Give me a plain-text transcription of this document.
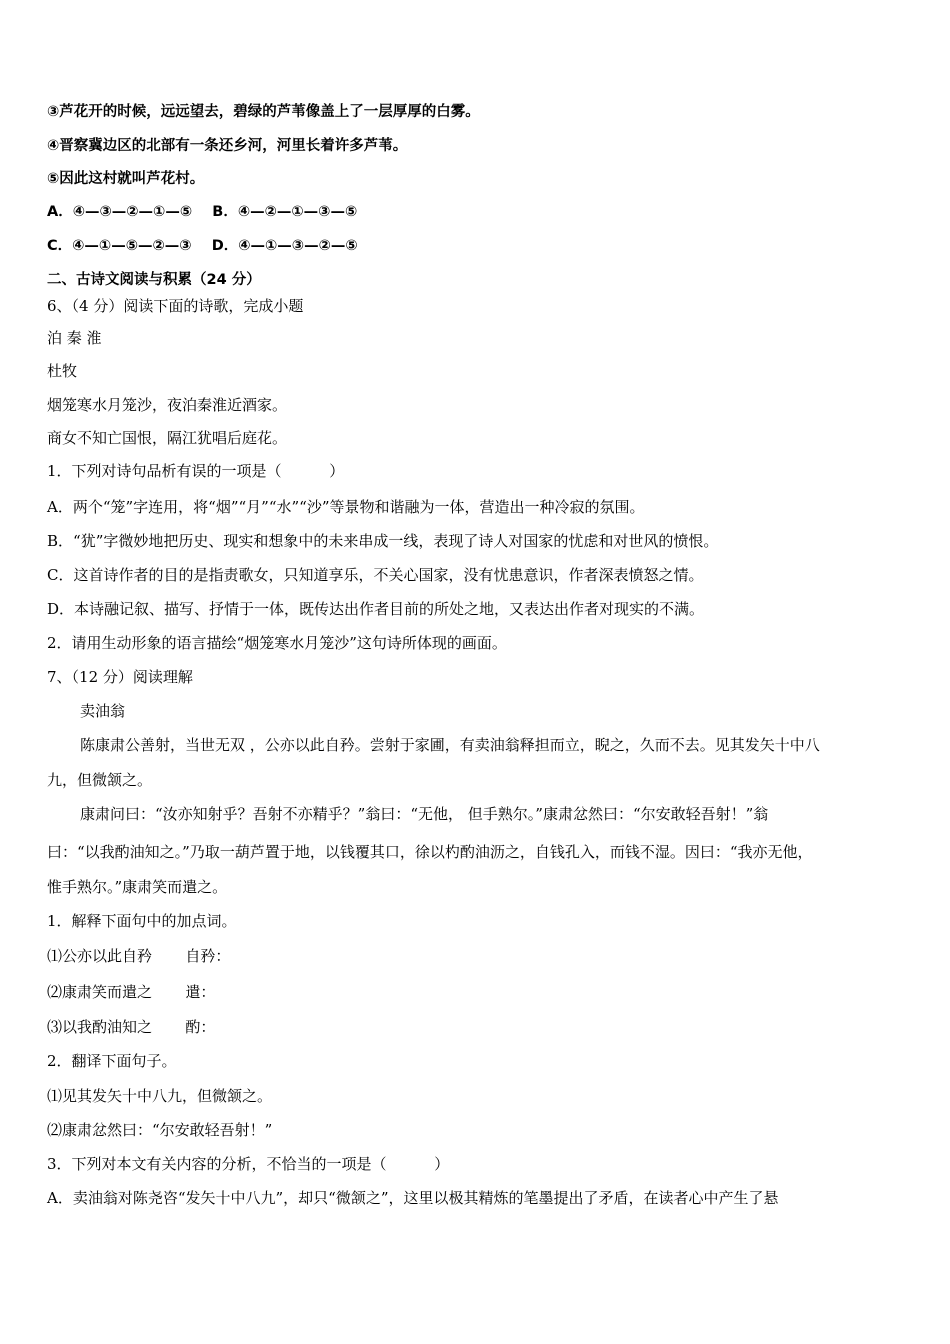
③芦花开的时候，远远望去，碧绿的芦苇像盖上了一层厚厚的白雾。
④晋察冀边区的北部有一条还乡河，河里长着许多芦苇。
⑤因此这村就叫芦花村。
A．④—③—②—①—⑤    B．④—②—①—③—⑤
C．④—①—⑤—②—③    D．④—①—③—②—⑤
二、古诗文阅读与积累（24 分）
6、（4 分）阅读下面的诗歌，完成小题
泊 秦 淮
杜牧
烟笼寒水月笼沙，夜泊秦淮近酒家。
商女不知亡国恨，隔江犹唱后庭花。
1．下列对诗句品析有误的一项是（          ）
A．两个“笼”字连用，将“烟”“月”“水”“沙”等景物和谐融为一体，营造出一种冷寂的氛围。
B．“犹”字微妙地把历史、现实和想象中的未来串成一线，表现了诗人对国家的忧虑和对世风的愤恨。
C．这首诗作者的目的是指责歌女，只知道享乐，不关心国家，没有忧患意识，作者深表愤怒之情。
D．本诗融记叙、描写、抒情于一体，既传达出作者目前的所处之地，又表达出作者对现实的不满。
2．请用生动形象的语言描绘“烟笼寒水月笼沙”这句诗所体现的画面。
7、（12 分）阅读理解
卖油翁
陈康肃公善射，当世无双 ，公亦以此自矜。尝射于家圃，有卖油翁释担而立，睨之，久而不去。见其发矢十中八
九，但微颔之。
康肃问曰：“汝亦知射乎？吾射不亦精乎？”翁曰：“无他， 但手熟尔。”康肃忿然曰：“尔安敢轻吾射！”翁
曰：“以我酌油知之。”乃取一葫芦置于地，以钱覆其口，徐以杓酌油沥之，自钱孔入，而钱不湿。因曰：“我亦无他，
惟手熟尔。”康肃笑而遣之。
1．解释下面句中的加点词。
⑴公亦以此自矜       自矜：
⑵康肃笑而遣之       遣：
⑶以我酌油知之       酌：
2．翻译下面句子。
⑴见其发矢十中八九，但微颔之。
⑵康肃忿然曰：“尔安敢轻吾射！”
3．下列对本文有关内容的分析，不恰当的一项是（          ）
A．卖油翁对陈尧咨“发矢十中八九”，却只“微颔之”，这里以极其精炼的笔墨提出了矛盾，在读者心中产生了悬
